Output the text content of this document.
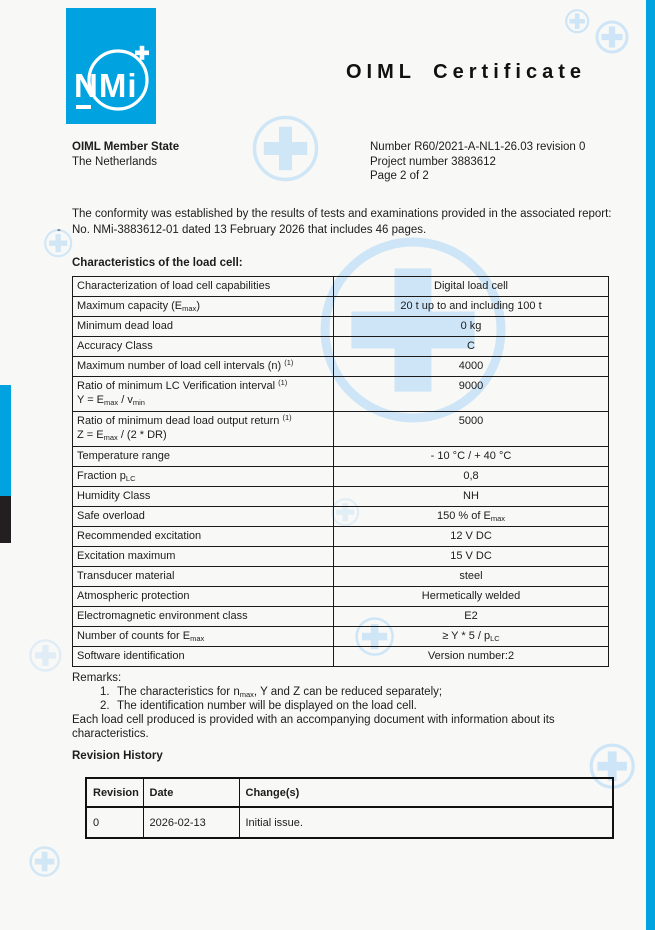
NMi	OIML Certificate
OIML Member State
The Netherlands
Number R60/2021-A-NL1-26.03 revision 0
Project number 3883612
Page 2 of 2

The conformity was established by the results of tests and examinations provided in the associated report:

- No. NMi-3883612-01 dated 13 February 2026 that includes 46 pages.
Characteristics of the load cell:
Characterization of load cell capabilities	Digital load cell
Maximum capacity $(E_{max})$	20 t up to and including 100 t
Minimum dead load	0 kg
Accuracy Class	C
Maximum number of load cell intervals (n) $^{(1)}$	4000
Ratio of minimum LC Verification interval $^{(1)}$
$Y = E_{max} / v_{min}$	9000
Ratio of minimum dead load output return $^{(1)}$
$Z = E_{max} / (2 * DR)$	5000
Temperature range	- 10 °C / + 40 °C
Fraction $p_{LC}$	0,8
Humidity Class	NH
Safe overload	150 % of $E_{max}$
Recommended excitation	12 V DC
Excitation maximum	15 V DC
Transducer material	steel
Atmospheric protection	Hermetically welded
Electromagnetic environment class	E2
Number of counts for $E_{max}$	≥ Y * $5 / p_{LC}$
Software identification	Version number:2
Remarks:
1. The characteristics for $n_{max}$, Y and Z can be reduced separately;
2. The identification number will be displayed on the load cell.

Each load cell produced is provided with an accompanying document with information about its characteristics.

Revision History
Revision	Date	Change(s)
0	2026-02-13	Initial issue.
